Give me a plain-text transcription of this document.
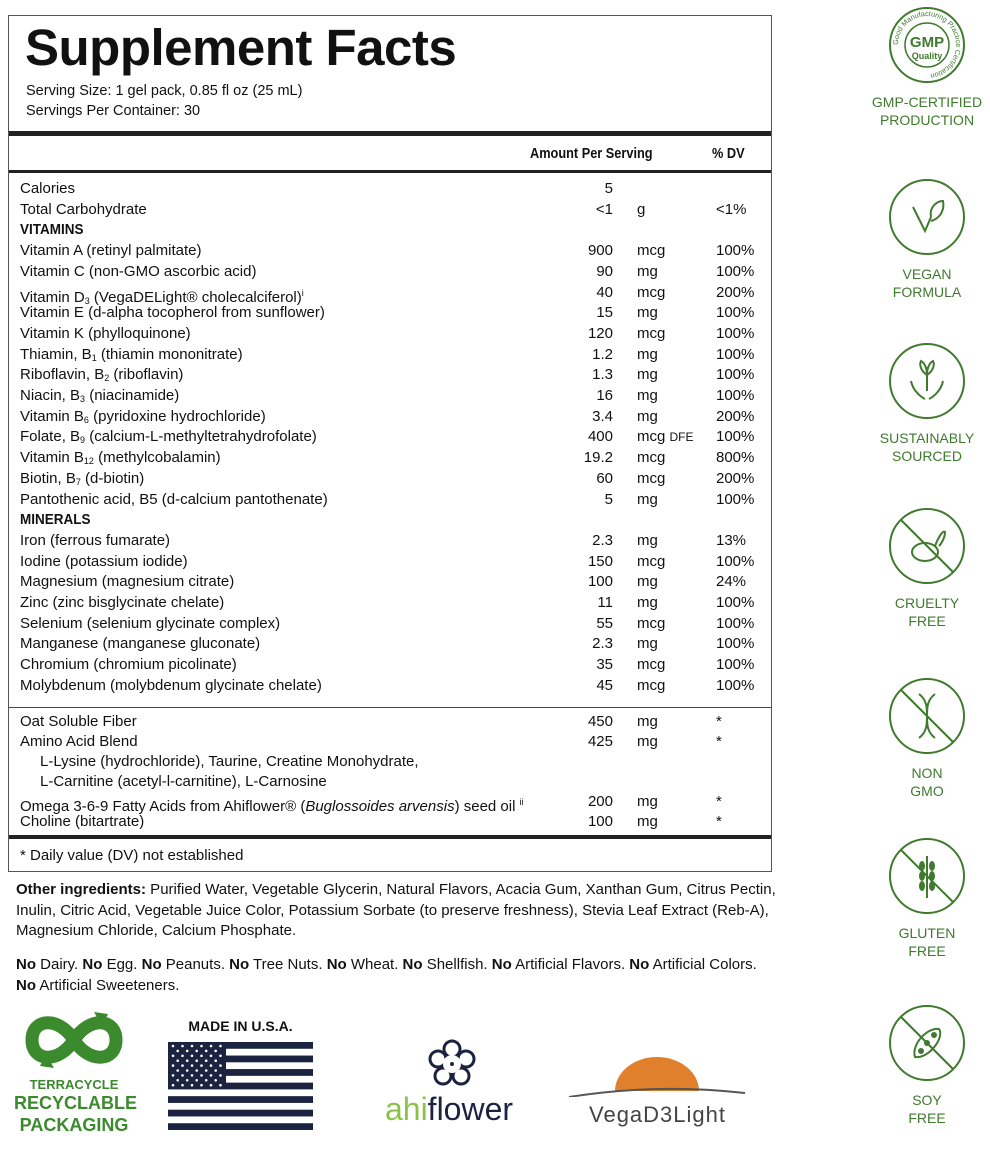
Supplement Facts
Serving Size: 1 gel pack, 0.85 fl oz (25 mL)
Servings Per Container: 30
Amount Per Serving	% DV
Calories	5
Total Carbohydrate	<1 g	<1%
VITAMINS
Vitamin A (retinyl palmitate)	900 mcg	100%
Vitamin C (non-GMO ascorbic acid)	90 mg	100%
Vitamin $D_3$ (VegaDELight® cholecalciferol)$^i$	40 mcg	200%
Vitamin E (d-alpha tocopherol from sunflower)	15 mg	100%
Vitamin K (phylloquinone)	120 mcg	100%
Thiamin, $B_1$ (thiamin mononitrate)	1.2 mg	100%
Riboflavin, $B_2$ (riboflavin)	1.3 mg	100%
Niacin, $B_3$ (niacinamide)	16 mg	100%
Vitamin $B_6$ (pyridoxine hydrochloride)	3.4 mg	200%
Folate, $B_9$ (calcium-L-methyltetrahydrofolate)	400 mcg DFE 100%
Vitamin $B_{12}$ (methylcobalamin)	19.2 mcg	800%
Biotin, $B_7$ (d-biotin)	60 mcg	200%
Pantothenic acid, B5 (d-calcium pantothenate)	5 mg	100%
MINERALS
Iron (ferrous fumarate)	2.3 mg	13%
Iodine (potassium iodide)	150 mcg	100%
Magnesium (magnesium citrate)	100 mg	24%
Zinc (zinc bisglycinate chelate)	11 mg	100%
Selenium (selenium glycinate complex)	55 mcg	100%
Manganese (manganese gluconate)	2.3 mg	100%
Chromium (chromium picolinate)	35 mcg	100%
Molybdenum (molybdenum glycinate chelate)	45 mcg	100%
Oat Soluble Fiber	450 mg	*
Amino Acid Blend	425 mg	*
L-Lysine (hydrochloride), Taurine, Creatine Monohydrate,
L-Carnitine (acetyl-l-carnitine), L-Carnosine
Omega 3-6-9 Fatty Acids from Ahiflower® (Buglossoides arvensis) seed oil $^{ii}$	200 mg	*
Choline (bitartrate)	100 mg	*
* Daily value (DV) not established
Other ingredients: Purified Water, Vegetable Glycerin, Natural Flavors, Acacia Gum, Xanthan Gum, Citrus Pectin, Inulin, Citric Acid, Vegetable Juice Color, Potassium Sorbate (to preserve freshness), Stevia Leaf Extract (Reb-A), Magnesium Chloride, Calcium Phosphate.
No Dairy. No Egg. No Peanuts. No Tree Nuts. No Wheat. No Shellfish. No Artificial Flavors. No Artificial Colors. No Artificial Sweeteners.
TERRACYCLE
RECYCLABLE
PACKAGING
MADE IN U.S.A.
ahiflower	VegaD3Light
Good Manufacturing Practice Certification
GMP
Quality
GMP-CERTIFIED
PRODUCTION
VEGAN
FORMULA
SUSTAINABLY
SOURCED
CRUELTY
FREE
NON
GMO
GLUTEN
FREE
SOY
FREE
